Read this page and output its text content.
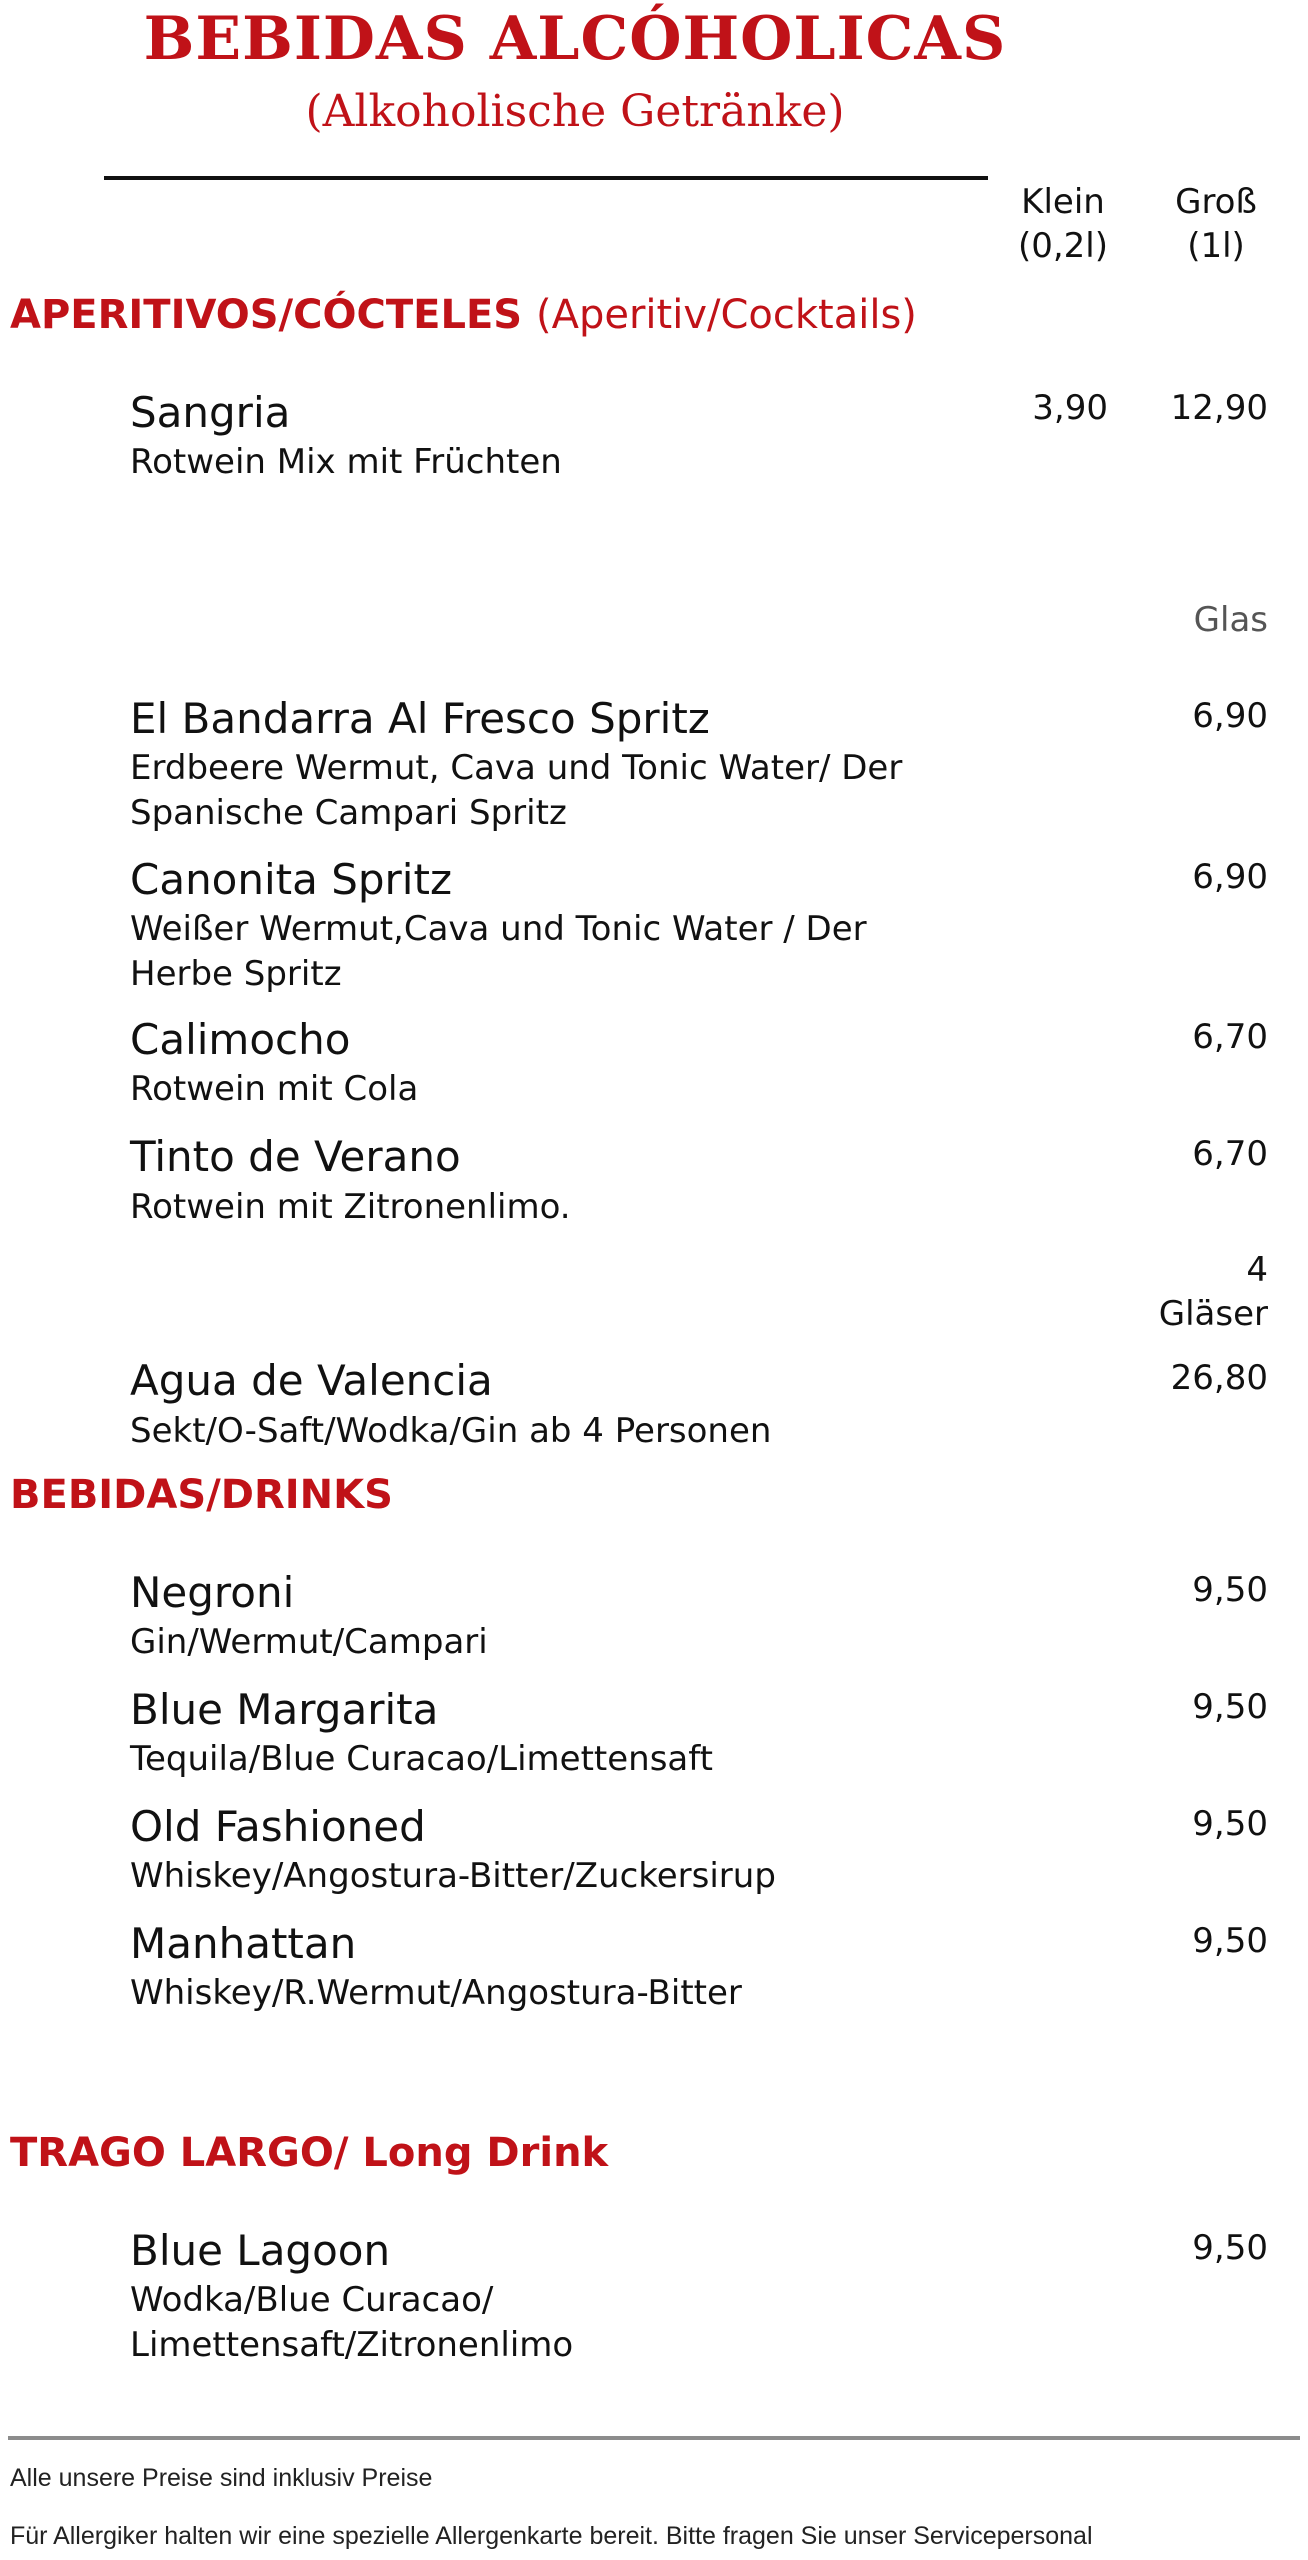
BEBIDAS ALCÓHOLICAS
(Alkoholische Getränke)
Klein
(0,2l)
Groß
(1l)
APERITIVOS/CÓCTELES (Aperitiv/Cocktails)
Sangria
Rotwein Mix mit Früchten
3,90 12,90
Glas
El Bandarra Al Fresco Spritz
Erdbeere Wermut, Cava und Tonic Water/ Der
Spanische Campari Spritz
6,90
Canonita Spritz
Weißer Wermut,Cava und Tonic Water / Der
Herbe Spritz
6,90
Calimocho
Rotwein mit Cola
6,70
Tinto de Verano
Rotwein mit Zitronenlimo.
6,70
4
Gläser
Agua de Valencia
Sekt/O-Saft/Wodka/Gin ab 4 Personen
26,80
BEBIDAS/DRINKS
Negroni
Gin/Wermut/Campari
9,50
Blue Margarita
Tequila/Blue Curacao/Limettensaft
9,50
Old Fashioned
Whiskey/Angostura-Bitter/Zuckersirup
9,50
Manhattan
Whiskey/R.Wermut/Angostura-Bitter
9,50
TRAGO LARGO/ Long Drink
Blue Lagoon
Wodka/Blue Curacao/
Limettensaft/Zitronenlimo
9,50
Alle unsere Preise sind inklusiv Preise
Für Allergiker halten wir eine spezielle Allergenkarte bereit. Bitte fragen Sie unser Servicepersonal
